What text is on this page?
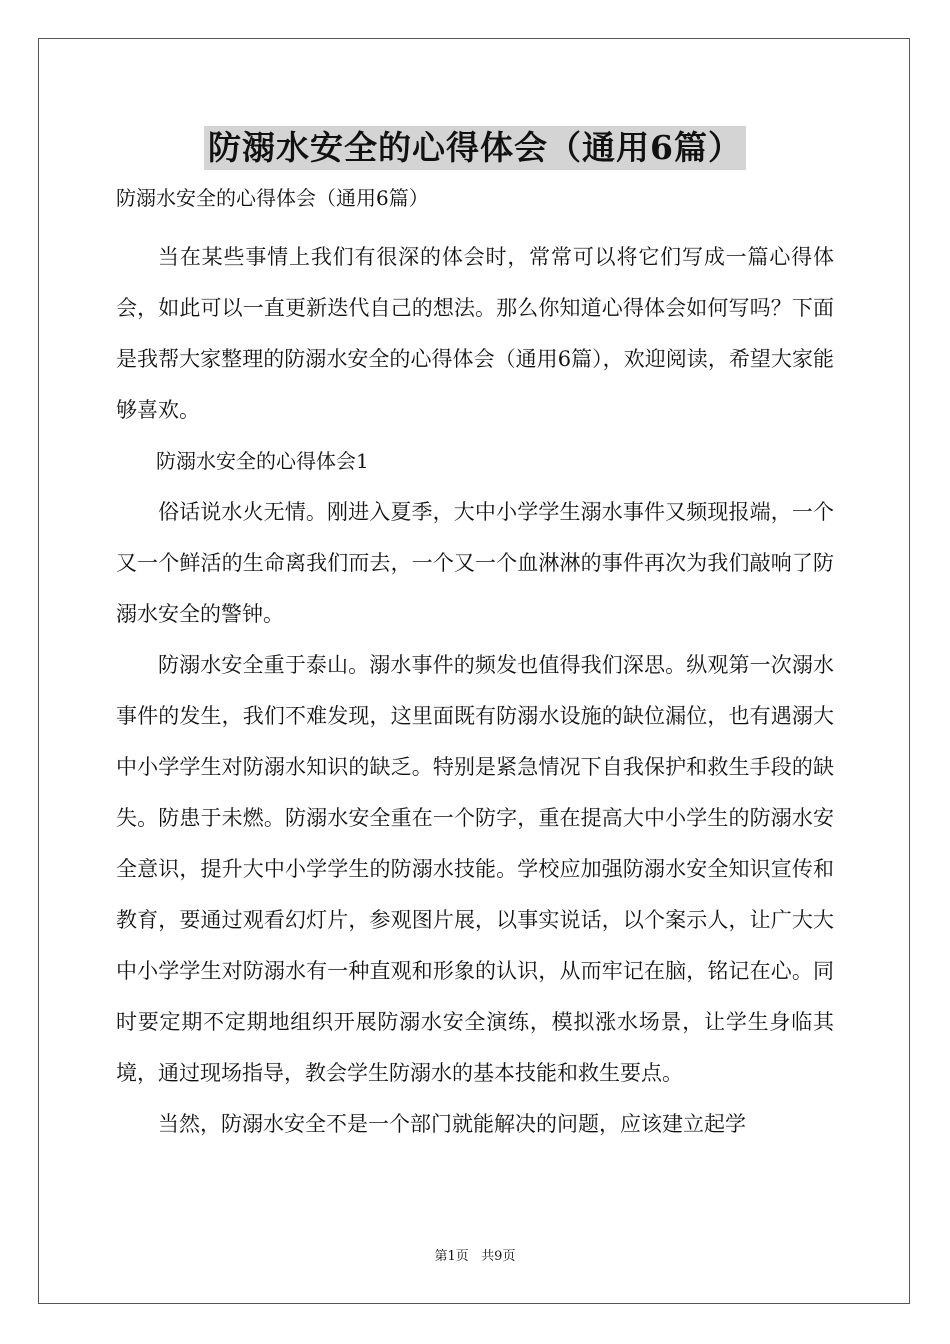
防溺水安全的心得体会（通用6篇）
防溺水安全的心得体会（通用6篇）

当在某些事情上我们有很深的体会时，常常可以将它们写成一篇心得体会，如此可以一直更新迭代自己的想法。那么你知道心得体会如何写吗？下面是我帮大家整理的防溺水安全的心得体会（通用6篇），欢迎阅读，希望大家能够喜欢。

防溺水安全的心得体会1

俗话说水火无情。刚进入夏季，大中小学学生溺水事件又频现报端，一个又一个鲜活的生命离我们而去，一个又一个血淋淋的事件再次为我们敲响了防溺水安全的警钟。

防溺水安全重于泰山。溺水事件的频发也值得我们深思。纵观第一次溺水事件的发生，我们不难发现，这里面既有防溺水设施的缺位漏位，也有遇溺大中小学学生对防溺水知识的缺乏。特别是紧急情况下自我保护和救生手段的缺失。防患于未燃。防溺水安全重在一个防字，重在提高大中小学生的防溺水安全意识，提升大中小学学生的防溺水技能。学校应加强防溺水安全知识宣传和教育，要通过观看幻灯片，参观图片展，以事实说话，以个案示人，让广大大中小学学生对防溺水有一种直观和形象的认识，从而牢记在脑，铭记在心。同时要定期不定期地组织开展防溺水安全演练，模拟涨水场景，让学生身临其境，通过现场指导，教会学生防溺水的基本技能和救生要点。

当然，防溺水安全不是一个部门就能解决的问题，应该建立起学

第1页   共9页
